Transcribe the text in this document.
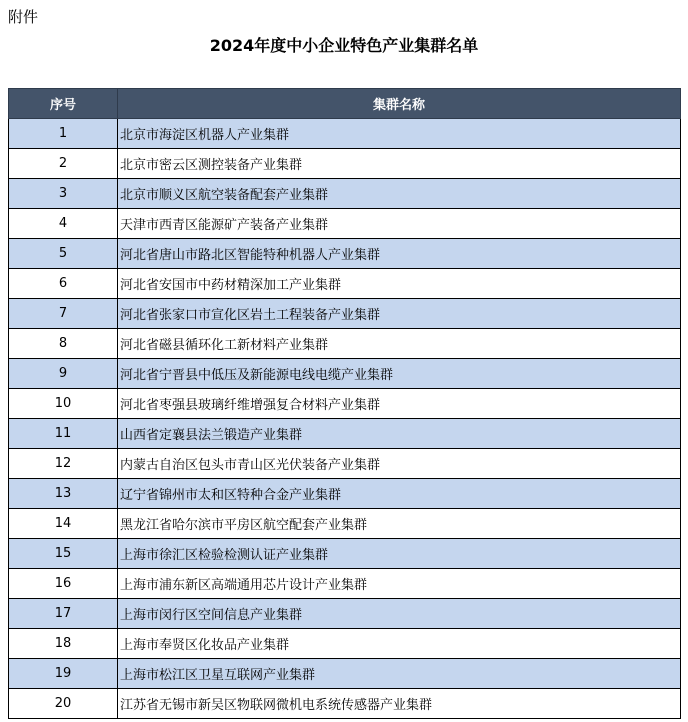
附件
2024年度中小企业特色产业集群名单
序号	集群名称
1	北京市海淀区机器人产业集群
2	北京市密云区测控装备产业集群
3	北京市顺义区航空装备配套产业集群
4	天津市西青区能源矿产装备产业集群
5	河北省唐山市路北区智能特种机器人产业集群
6	河北省安国市中药材精深加工产业集群
7	河北省张家口市宣化区岩土工程装备产业集群
8	河北省磁县循环化工新材料产业集群
9	河北省宁晋县中低压及新能源电线电缆产业集群
10	河北省枣强县玻璃纤维增强复合材料产业集群
11	山西省定襄县法兰锻造产业集群
12	内蒙古自治区包头市青山区光伏装备产业集群
13	辽宁省锦州市太和区特种合金产业集群
14	黑龙江省哈尔滨市平房区航空配套产业集群
15	上海市徐汇区检验检测认证产业集群
16	上海市浦东新区高端通用芯片设计产业集群
17	上海市闵行区空间信息产业集群
18	上海市奉贤区化妆品产业集群
19	上海市松江区卫星互联网产业集群
20	江苏省无锡市新吴区物联网微机电系统传感器产业集群
